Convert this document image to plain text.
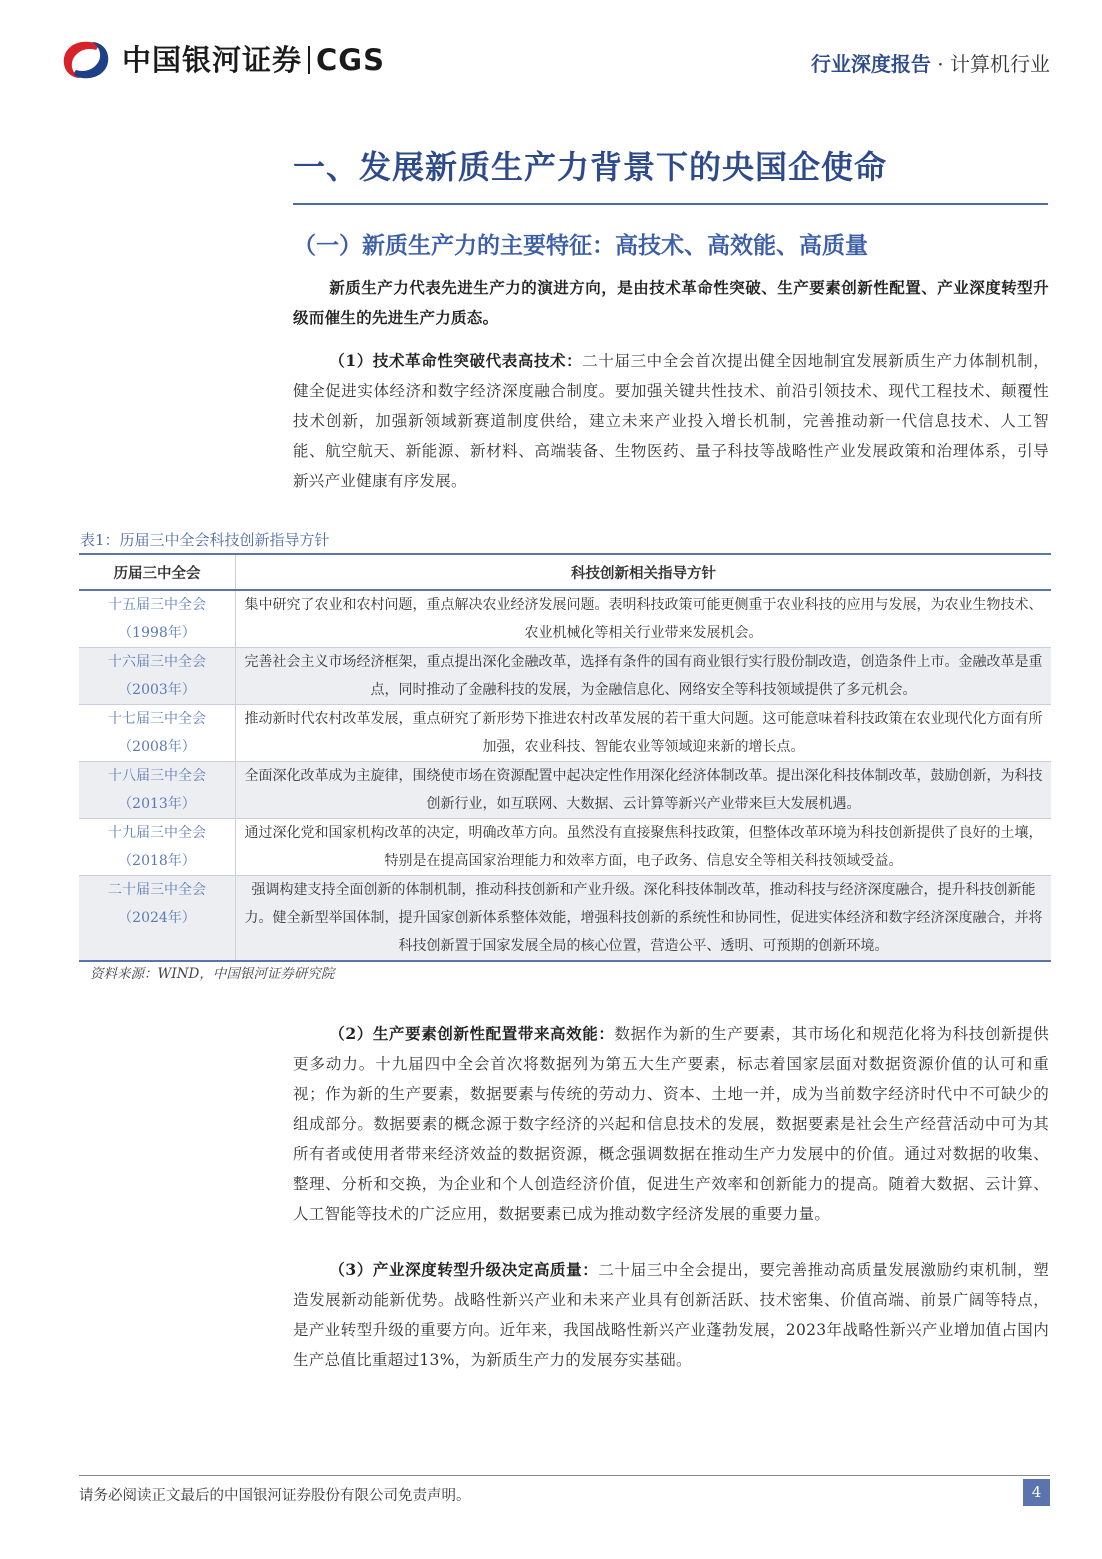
中国银河证券 CGS	行业深度报告 · 计算机行业
一、发展新质生产力背景下的央国企使命
（一）新质生产力的主要特征：高技术、高效能、高质量
新质生产力代表先进生产力的演进方向，是由技术革命性突破、生产要素创新性配置、产业深度转型升级而催生的先进生产力质态。
（1）技术革命性突破代表高技术：二十届三中全会首次提出健全因地制宜发展新质生产力体制机制，健全促进实体经济和数字经济深度融合制度。要加强关键共性技术、前沿引领技术、现代工程技术、颠覆性技术创新，加强新领域新赛道制度供给，建立未来产业投入增长机制，完善推动新一代信息技术、人工智能、航空航天、新能源、新材料、高端装备、生物医药、量子科技等战略性产业发展政策和治理体系，引导新兴产业健康有序发展。
表1：历届三中全会科技创新指导方针
历届三中全会	科技创新相关指导方针

十五届三中全会
（1998年）	集中研究了农业和农村问题，重点解决农业经济发展问题。表明科技政策可能更侧重于农业科技的应用与发展，为农业生物技术、农业机械化等相关行业带来发展机会。

十六届三中全会
（2003年）	完善社会主义市场经济框架，重点提出深化金融改革，选择有条件的国有商业银行实行股份制改造，创造条件上市。金融改革是重点，同时推动了金融科技的发展，为金融信息化、网络安全等科技领域提供了多元机会。

十七届三中全会
（2008年）	推动新时代农村改革发展，重点研究了新形势下推进农村改革发展的若干重大问题。这可能意味着科技政策在农业现代化方面有所加强，农业科技、智能农业等领域迎来新的增长点。

十八届三中全会
（2013年）	全面深化改革成为主旋律，围绕使市场在资源配置中起决定性作用深化经济体制改革。提出深化科技体制改革，鼓励创新，为科技创新行业，如互联网、大数据、云计算等新兴产业带来巨大发展机遇。

十九届三中全会
（2018年）	通过深化党和国家机构改革的决定，明确改革方向。虽然没有直接聚焦科技政策，但整体改革环境为科技创新提供了良好的土壤，特别是在提高国家治理能力和效率方面，电子政务、信息安全等相关科技领域受益。

二十届三中全会
（2024年）	强调构建支持全面创新的体制机制，推动科技创新和产业升级。深化科技体制改革，推动科技与经济深度融合，提升科技创新能力。健全新型举国体制，提升国家创新体系整体效能，增强科技创新的系统性和协同性，促进实体经济和数字经济深度融合，并将科技创新置于国家发展全局的核心位置，营造公平、透明、可预期的创新环境。
资料来源：WIND，中国银河证券研究院
（2）生产要素创新性配置带来高效能：数据作为新的生产要素，其市场化和规范化将为科技创新提供更多动力。十九届四中全会首次将数据列为第五大生产要素，标志着国家层面对数据资源价值的认可和重视；作为新的生产要素，数据要素与传统的劳动力、资本、土地一并，成为当前数字经济时代中不可缺少的组成部分。数据要素的概念源于数字经济的兴起和信息技术的发展，数据要素是社会生产经营活动中可为其所有者或使用者带来经济效益的数据资源，概念强调数据在推动生产力发展中的价值。通过对数据的收集、整理、分析和交换，为企业和个人创造经济价值，促进生产效率和创新能力的提高。随着大数据、云计算、人工智能等技术的广泛应用，数据要素已成为推动数字经济发展的重要力量。
（3）产业深度转型升级决定高质量：二十届三中全会提出，要完善推动高质量发展激励约束机制，塑造发展新动能新优势。战略性新兴产业和未来产业具有创新活跃、技术密集、价值高端、前景广阔等特点，是产业转型升级的重要方向。近年来，我国战略性新兴产业蓬勃发展，2023年战略性新兴产业增加值占国内生产总值比重超过13%，为新质生产力的发展夯实基础。
请务必阅读正文最后的中国银河证券股份有限公司免责声明。	4
